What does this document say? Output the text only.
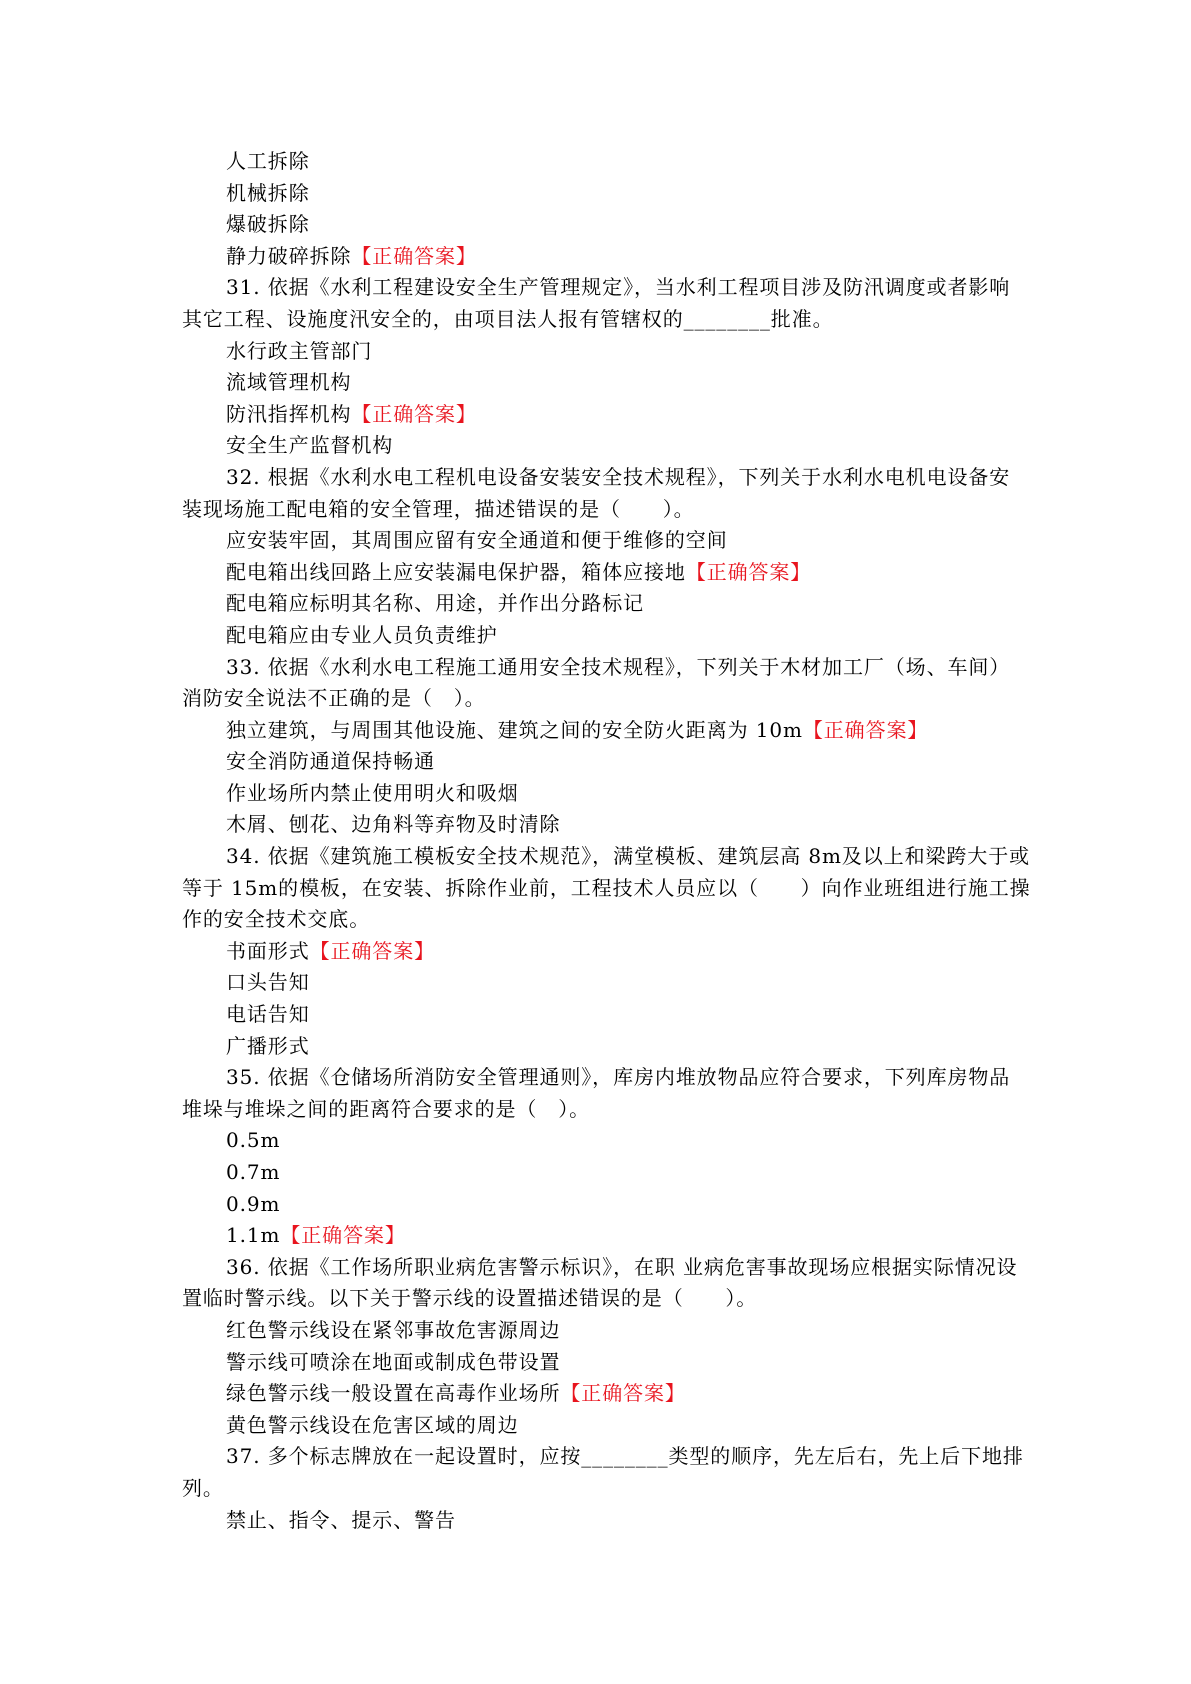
人工拆除
机械拆除
爆破拆除
静力破碎拆除【正确答案】
31. 依据《水利工程建设安全生产管理规定》，当水利工程项目涉及防汛调度或者影响
其它工程、设施度汛安全的，由项目法人报有管辖权的________批准。
水行政主管部门
流域管理机构
防汛指挥机构【正确答案】
安全生产监督机构
32. 根据《水利水电工程机电设备安装安全技术规程》，下列关于水利水电机电设备安
装现场施工配电箱的安全管理，描述错误的是（　　）。
应安装牢固，其周围应留有安全通道和便于维修的空间
配电箱出线回路上应安装漏电保护器，箱体应接地【正确答案】
配电箱应标明其名称、用途，并作出分路标记
配电箱应由专业人员负责维护
33. 依据《水利水电工程施工通用安全技术规程》，下列关于木材加工厂（场、车间）
消防安全说法不正确的是（　）。
独立建筑，与周围其他设施、建筑之间的安全防火距离为 10m【正确答案】
安全消防通道保持畅通
作业场所内禁止使用明火和吸烟
木屑、刨花、边角料等弃物及时清除
34. 依据《建筑施工模板安全技术规范》，满堂模板、建筑层高 8m及以上和梁跨大于或
等于 15m的模板，在安装、拆除作业前，工程技术人员应以（　　）向作业班组进行施工操
作的安全技术交底。
书面形式【正确答案】
口头告知
电话告知
广播形式
35. 依据《仓储场所消防安全管理通则》，库房内堆放物品应符合要求，下列库房物品
堆垛与堆垛之间的距离符合要求的是（　）。
0.5m
0.7m
0.9m
1.1m【正确答案】
36. 依据《工作场所职业病危害警示标识》，在职 业病危害事故现场应根据实际情况设
置临时警示线。以下关于警示线的设置描述错误的是（　　）。
红色警示线设在紧邻事故危害源周边
警示线可喷涂在地面或制成色带设置
绿色警示线一般设置在高毒作业场所【正确答案】
黄色警示线设在危害区域的周边
37. 多个标志牌放在一起设置时，应按________类型的顺序，先左后右，先上后下地排
列。
禁止、指令、提示、警告
